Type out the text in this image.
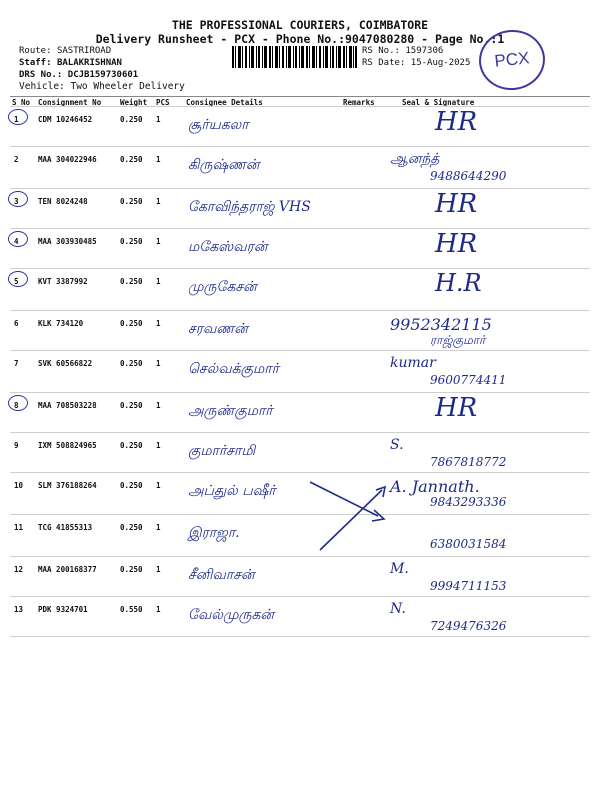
THE PROFESSIONAL COURIERS, COIMBATORE
Delivery Runsheet - PCX - Phone No.:9047080280 - Page No.:1
Route: SASTRIROAD
Staff: BALAKRISHNAN
DRS No.: DCJB159730601
RS No.: 1597306
RS Date: 15-Aug-2025	PCX
Vehicle: Two Wheeler Delivery
S No Consignment No	Weight PCS Consignee Details	Remarks	Seal & Signature
1	CDM 10246452	0.250 1 சூர்யகலா	HR
2	MAA 304022946	0.250 1 கிருஷ்ணன்	ஆனந்த்
9488644290
3	TEN 8024248	0.250 1 கோவிந்தராஜ் VHS	HR
4	MAA 303930485	0.250 1 மகேஸ்வரன்	HR
5	KVT 3387992	0.250 1 முருகேசன்	H.R
6	KLK 734120	0.250 1 சரவணன்	9952342115
ராஜ்குமார்
7	SVK 60566822	0.250 1 செல்வக்குமார்	kumar
9600774411
8	MAA 708503228	0.250 1 அருண்குமார்	HR
9	IXM 508824965	0.250 1 குமார்சாமி	S.
7867818772
10 SLM 376188264	0.250 1 அப்துல் பஷீர்	A. Jannath.
9843293336
11 TCG 41855313	0.250 1 இராஜா.
6380031584
12 MAA 200168377	0.250 1 சீனிவாசன்	M.
9994711153
13 PDK 9324701	0.550 1 வேல்முருகன்	N.
7249476326
